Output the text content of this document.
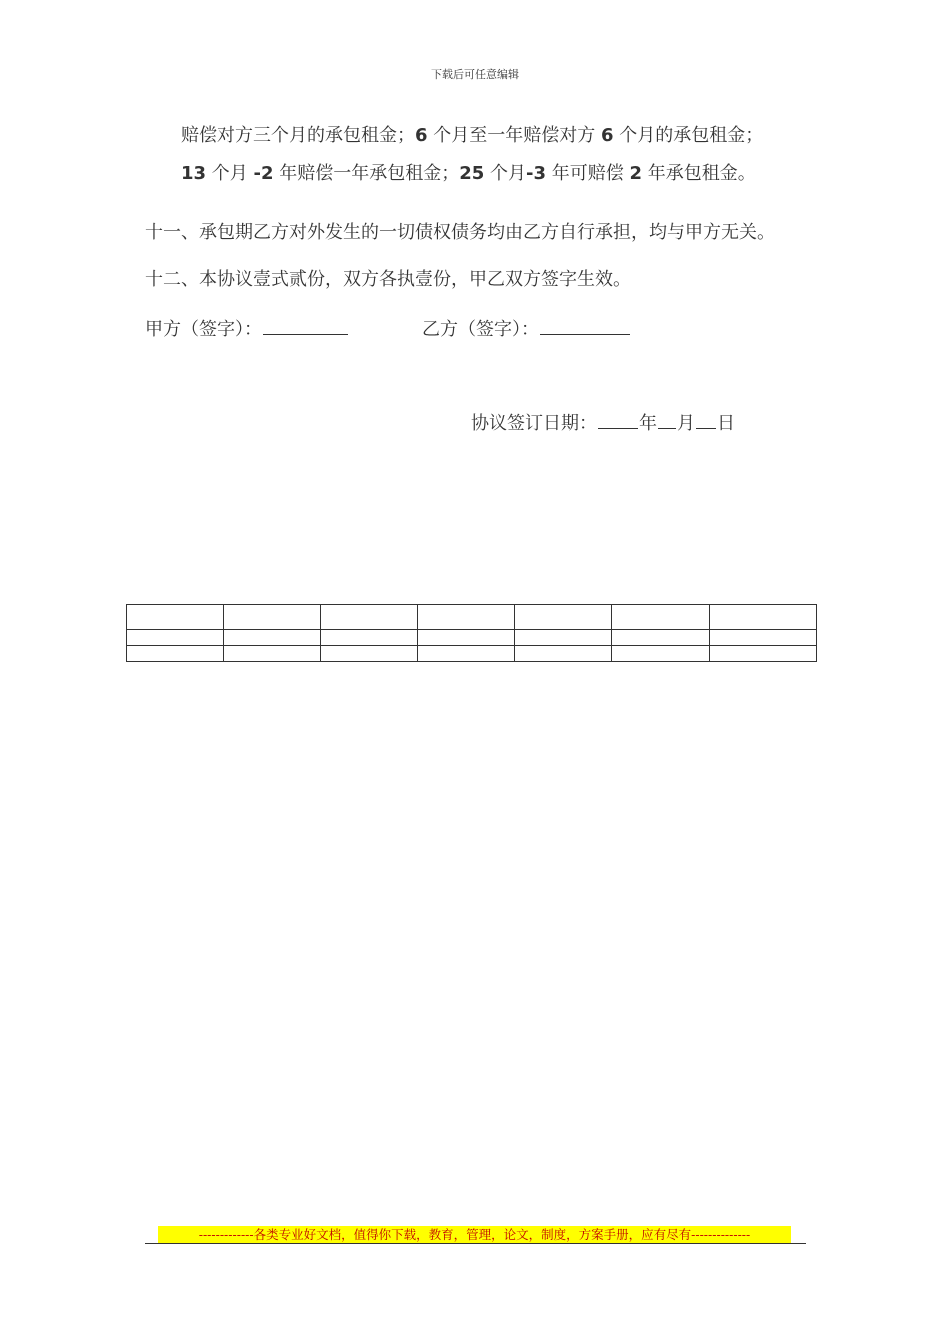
下载后可任意编辑
赔偿对方三个月的承包租金；6 个月至一年赔偿对方 6 个月的承包租金；
13 个月 -2 年赔偿一年承包租金；25 个月-3 年可赔偿 2 年承包租金。
十一、承包期乙方对外发生的一切债权债务均由乙方自行承担，均与甲方无关。
十二、本协议壹式贰份，双方各执壹份，甲乙双方签字生效。
甲方（签字）：	乙方（签字）：
协议签订日期： 年 月 日

-------------各类专业好文档，值得你下载，教育，管理，论文，制度，方案手册，应有尽有--------------
